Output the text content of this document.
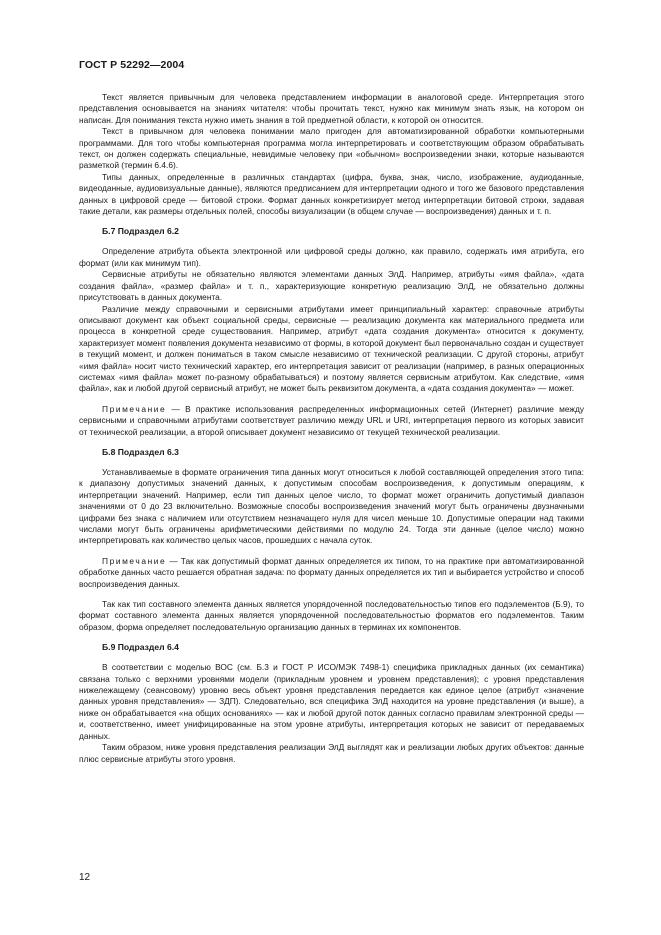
ГОСТ Р 52292—2004

Текст является привычным для человека представлением информации в аналоговой среде. Интерпретация этого представления основывается на знаниях читателя: чтобы прочитать текст, нужно как минимум знать язык, на котором он написан. Для понимания текста нужно иметь знания в той предметной области, к которой он относится.

Текст в привычном для человека понимании мало пригоден для автоматизированной обработки компьютерными программами. Для того чтобы компьютерная программа могла интерпретировать и соответствующим образом обрабатывать текст, он должен содержать специальные, невидимые человеку при «обычном» воспроизведении знаки, которые называются разметкой (термин 6.4.6).

Типы данных, определенные в различных стандартах (цифра, буква, знак, число, изображение, аудиоданные, видеоданные, аудиовизуальные данные), являются предписанием для интерпретации одного и того же базового представления данных в цифровой среде — битовой строки. Формат данных конкретизирует метод интерпретации битовой строки, задавая такие детали, как размеры отдельных полей, способы визуализации (в общем случае — воспроизведения) данных и т. п.

Б.7 Подраздел 6.2

Определение атрибута объекта электронной или цифровой среды должно, как правило, содержать имя атрибута, его формат (или как минимум тип).

Сервисные атрибуты не обязательно являются элементами данных ЭлД. Например, атрибуты «имя файла», «дата создания файла», «размер файла» и т. п., характеризующие конкретную реализацию ЭлД, не обязательно должны присутствовать в данных документа.

Различие между справочными и сервисными атрибутами имеет принципиальный характер: справочные атрибуты описывают документ как объект социальной среды, сервисные — реализацию документа как материального предмета или процесса в конкретной среде существования. Например, атрибут «дата создания документа» относится к документу, характеризует момент появления документа независимо от формы, в которой документ был первоначально создан и существует в текущий момент, и должен пониматься в таком смысле независимо от технической реализации. С другой стороны, атрибут «имя файла» носит чисто технический характер, его интерпретация зависит от реализации (например, в разных операционных системах «имя файла» может по-разному обрабатываться) и поэтому является сервисным атрибутом. Как следствие, «имя файла», как и любой другой сервисный атрибут, не может быть реквизитом документа, а «дата создания документа» — может.

Примечание — В практике использования распределенных информационных сетей (Интернет) различие между сервисными и справочными атрибутами соответствует различию между URL и URI, интерпретация первого из которых зависит от технической реализации, а второй описывает документ независимо от текущей технической реализации.

Б.8 Подраздел 6.3

Устанавливаемые в формате ограничения типа данных могут относиться к любой составляющей определения этого типа: к диапазону допустимых значений данных, к допустимым способам воспроизведения, к допустимым операциям, к интерпретации значений. Например, если тип данных целое число, то формат может ограничить допустимый диапазон значениями от 0 до 23 включительно. Возможные способы воспроизведения значений могут быть ограничены двузначными цифрами без знака с наличием или отсутствием незначащего нуля для чисел меньше 10. Допустимые операции над такими числами могут быть ограничены арифметическими действиями по модулю 24. Тогда эти данные (целое число) можно интерпретировать как количество целых часов, прошедших с начала суток.

Примечание — Так как допустимый формат данных определяется их типом, то на практике при автоматизированной обработке данных часто решается обратная задача: по формату данных определяется их тип и выбирается устройство и способ воспроизведения данных.

Так как тип составного элемента данных является упорядоченной последовательностью типов его подэлементов (Б.9), то формат составного элемента данных является упорядоченной последовательностью форматов его подэлементов. Таким образом, форма определяет последовательную организацию данных в терминах их компонентов.

Б.9 Подраздел 6.4

В соответствии с моделью ВОС (см. Б.3 и ГОСТ Р ИСО/МЭК 7498-1) специфика прикладных данных (их семантика) связана только с верхними уровнями модели (прикладным уровнем и уровнем представления); с уровня представления нижележащему (сеансовому) уровню весь объект уровня представления передается как единое целое (атрибут «значение данных уровня представления» — ЗДП). Следовательно, вся специфика ЭлД находится на уровне представления (и выше), а ниже он обрабатывается «на общих основаниях» — как и любой другой поток данных согласно правилам электронной среды — и, соответственно, имеет унифицированные на этом уровне атрибуты, интерпретация которых не зависит от передаваемых данных.

Таким образом, ниже уровня представления реализации ЭлД выглядят как и реализации любых других объектов: данные плюс сервисные атрибуты этого уровня.

12
